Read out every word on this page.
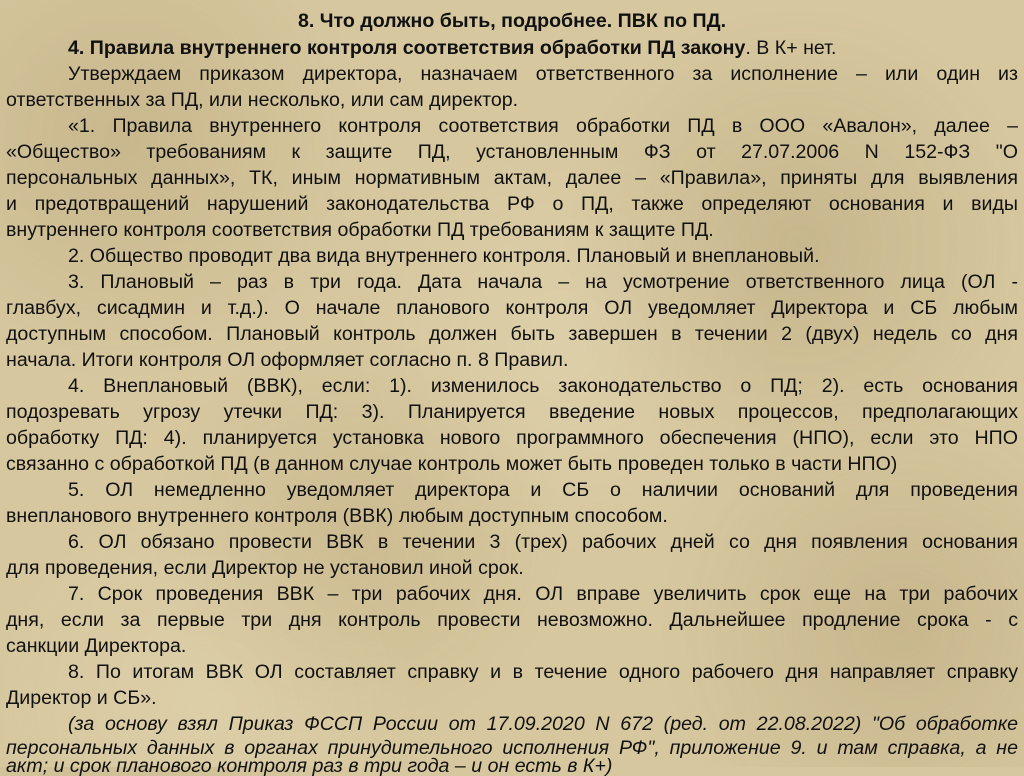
8. Что должно быть, подробнее. ПВК по ПД.
4. Правила внутреннего контроля соответствия обработки ПД закону. В К+ нет.
Утверждаем приказом директора, назначаем ответственного за исполнение – или один из
ответственных за ПД, или несколько, или сам директор.
«1. Правила внутреннего контроля соответствия обработки ПД в ООО «Авалон», далее –
«Общество» требованиям к защите ПД, установленным ФЗ от 27.07.2006 N 152-ФЗ "О
персональных данных», ТК, иным нормативным актам, далее – «Правила», приняты для выявления
и предотвращений нарушений законодательства РФ о ПД, также определяют основания и виды
внутреннего контроля соответствия обработки ПД требованиям к защите ПД.
2. Общество проводит два вида внутреннего контроля. Плановый и внеплановый.
3. Плановый – раз в три года. Дата начала – на усмотрение ответственного лица (ОЛ -
главбух, сисадмин и т.д.). О начале планового контроля ОЛ уведомляет Директора и СБ любым
доступным способом. Плановый контроль должен быть завершен в течении 2 (двух) недель со дня
начала. Итоги контроля ОЛ оформляет согласно п. 8 Правил.
4. Внеплановый (ВВК), если: 1). изменилось законодательство о ПД; 2). есть основания
подозревать угрозу утечки ПД: 3). Планируется введение новых процессов, предполагающих
обработку ПД: 4). планируется установка нового программного обеспечения (НПО), если это НПО
связанно с обработкой ПД (в данном случае контроль может быть проведен только в части НПО)
5. ОЛ немедленно уведомляет директора и СБ о наличии оснований для проведения
внепланового внутреннего контроля (ВВК) любым доступным способом.
6. ОЛ обязано провести ВВК в течении 3 (трех) рабочих дней со дня появления основания
для проведения, если Директор не установил иной срок.
7. Срок проведения ВВК – три рабочих дня. ОЛ вправе увеличить срок еще на три рабочих
дня, если за первые три дня контроль провести невозможно. Дальнейшее продление срока - с
санкции Директора.
8. По итогам ВВК ОЛ составляет справку и в течение одного рабочего дня направляет справку
Директор и СБ».
(за основу взял Приказ ФССП России от 17.09.2020 N 672 (ред. от 22.08.2022) "Об обработке
персональных данных в органах принудительного исполнения РФ", приложение 9. и там справка, а не
акт; и срок планового контроля раз в три года – и он есть в К+)
